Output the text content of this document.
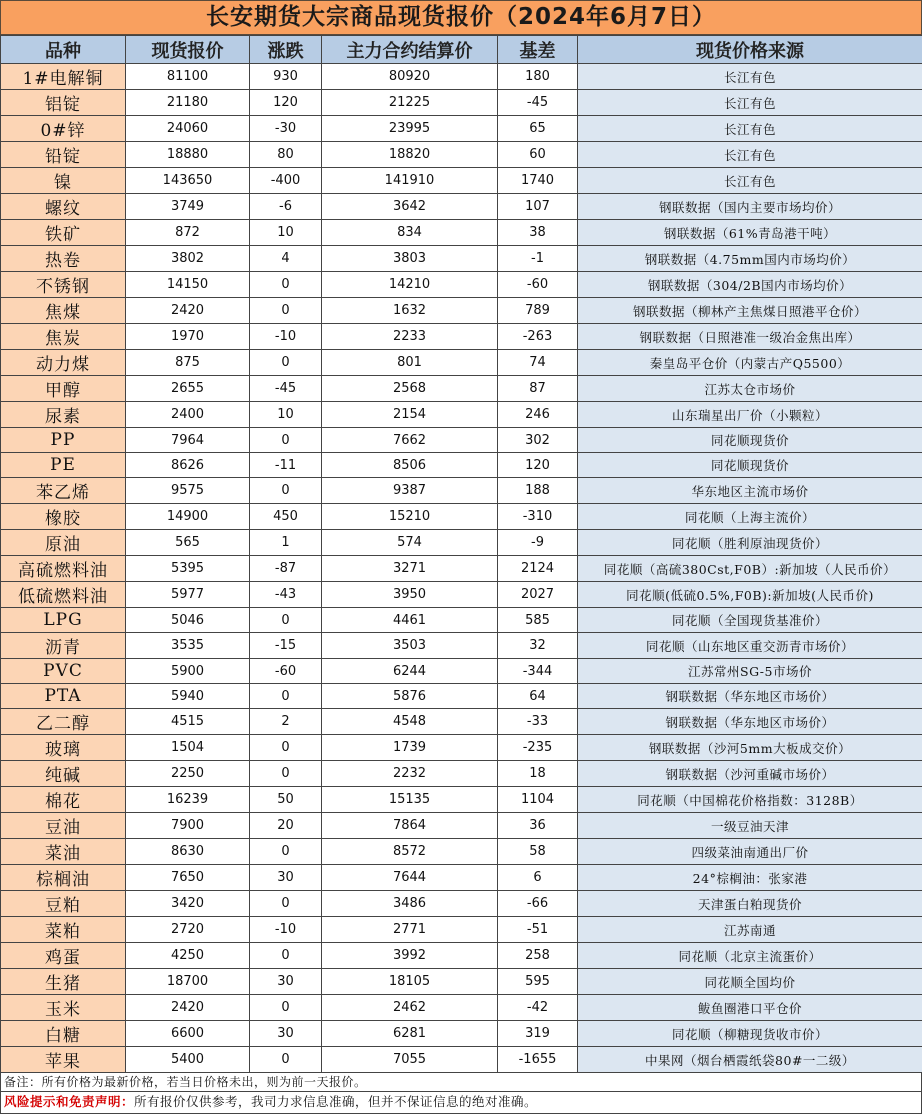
长安期货大宗商品现货报价（2024年6月7日）
品种	现货报价	涨跌	主力合约结算价	基差	现货价格来源
1#电解铜	81100	930	80920	180	长江有色
铝锭	21180	120	21225	-45	长江有色
0#锌	24060	-30	23995	65	长江有色
铅锭	18880	80	18820	60	长江有色
镍	143650	-400	141910	1740	长江有色
螺纹	3749	-6	3642	107	钢联数据（国内主要市场均价）
铁矿	872	10	834	38	钢联数据（61%青岛港干吨）
热卷	3802	4	3803	-1	钢联数据（4.75mm国内市场均价）
不锈钢	14150	0	14210	-60	钢联数据（304/2B国内市场均价）
焦煤	2420	0	1632	789	钢联数据（柳林产主焦煤日照港平仓价）
焦炭	1970	-10	2233	-263	钢联数据（日照港准一级冶金焦出库）
动力煤	875	0	801	74	秦皇岛平仓价（内蒙古产Q5500）
甲醇	2655	-45	2568	87	江苏太仓市场价
尿素	2400	10	2154	246	山东瑞星出厂价（小颗粒）
PP	7964	0	7662	302	同花顺现货价
PE	8626	-11	8506	120	同花顺现货价
苯乙烯	9575	0	9387	188	华东地区主流市场价
橡胶	14900	450	15210	-310	同花顺（上海主流价）
原油	565	1	574	-9	同花顺（胜利原油现货价）
高硫燃料油	5395	-87	3271	2124	同花顺（高硫380Cst,F0B）:新加坡（人民币价）
低硫燃料油	5977	-43	3950	2027	同花顺(低硫0.5%,F0B):新加坡(人民币价)
LPG	5046	0	4461	585	同花顺（全国现货基准价）
沥青	3535	-15	3503	32	同花顺（山东地区重交沥青市场价）
PVC	5900	-60	6244	-344	江苏常州SG-5市场价
PTA	5940	0	5876	64	钢联数据（华东地区市场价）
乙二醇	4515	2	4548	-33	钢联数据（华东地区市场价）
玻璃	1504	0	1739	-235	钢联数据（沙河5mm大板成交价）
纯碱	2250	0	2232	18	钢联数据（沙河重碱市场价）
棉花	16239	50	15135	1104	同花顺（中国棉花价格指数：3128B）
豆油	7900	20	7864	36	一级豆油天津
菜油	8630	0	8572	58	四级菜油南通出厂价
棕榈油	7650	30	7644	6	24°棕榈油：张家港
豆粕	3420	0	3486	-66	天津蛋白粕现货价
菜粕	2720	-10	2771	-51	江苏南通
鸡蛋	4250	0	3992	258	同花顺（北京主流蛋价）
生猪	18700	30	18105	595	同花顺全国均价
玉米	2420	0	2462	-42	鲅鱼圈港口平仓价
白糖	6600	30	6281	319	同花顺（柳糖现货收市价）
苹果	5400	0	7055	-1655	中果网（烟台栖霞纸袋80#一二级）
备注：所有价格为最新价格，若当日价格未出，则为前一天报价。
风险提示和免责声明：所有报价仅供参考，我司力求信息准确，但并不保证信息的绝对准确。
